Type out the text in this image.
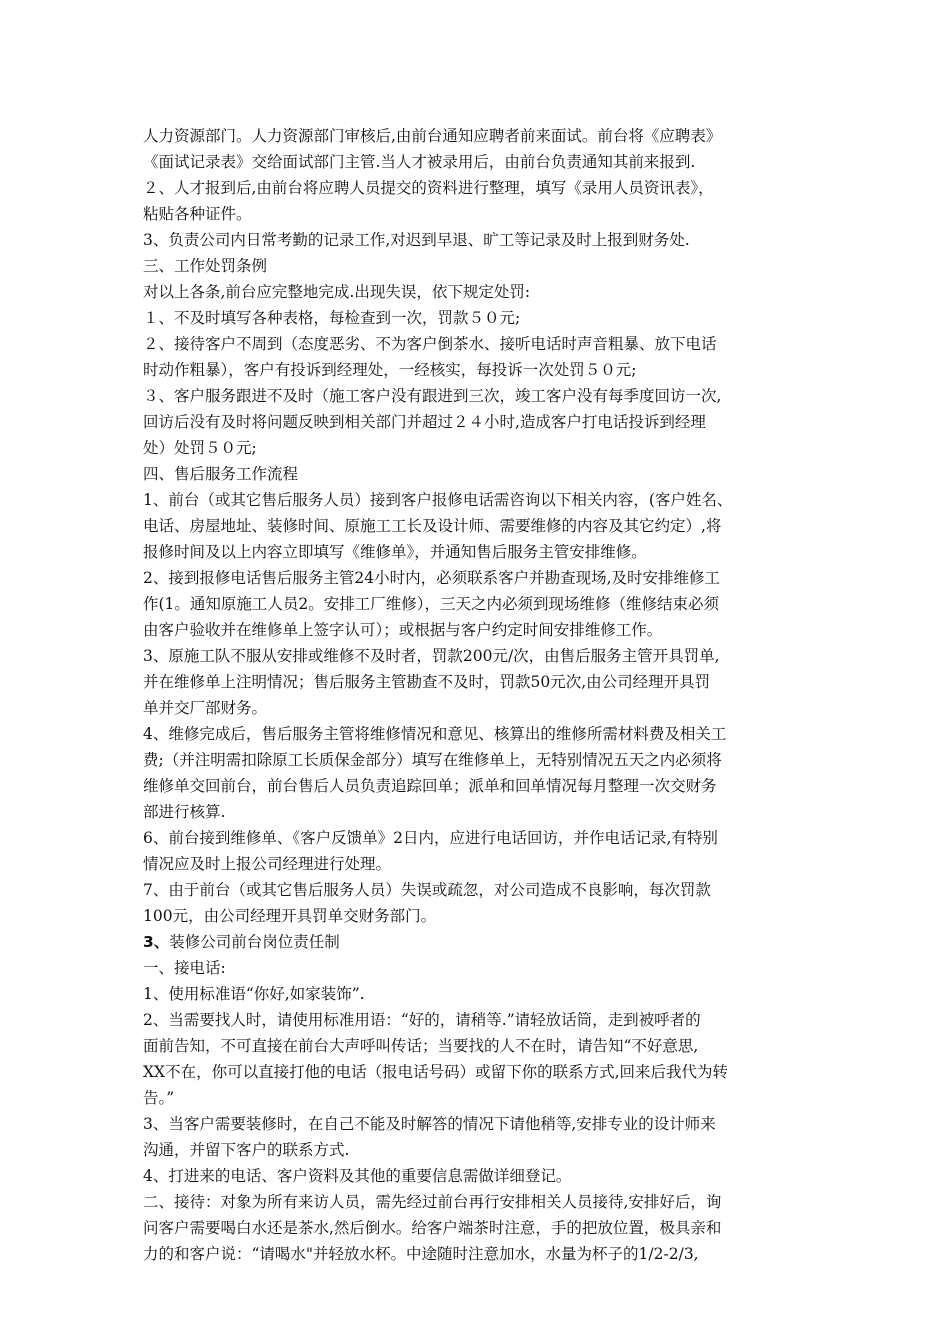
人力资源部门。人力资源部门审核后,由前台通知应聘者前来面试。前台将《应聘表》
《面试记录表》交给面试部门主管.当人才被录用后，由前台负责通知其前来报到.
２、人才报到后,由前台将应聘人员提交的资料进行整理，填写《录用人员资讯表》，
粘贴各种证件。
3、负责公司内日常考勤的记录工作,对迟到早退、旷工等记录及时上报到财务处.
三、工作处罚条例
对以上各条,前台应完整地完成.出现失误，依下规定处罚:
１、不及时填写各种表格，每检查到一次，罚款５０元;
２、接待客户不周到（态度恶劣、不为客户倒茶水、接听电话时声音粗暴、放下电话
时动作粗暴），客户有投诉到经理处，一经核实，每投诉一次处罚５０元;
３、客户服务跟进不及时（施工客户没有跟进到三次，竣工客户没有每季度回访一次,
回访后没有及时将问题反映到相关部门并超过２４小时,造成客户打电话投诉到经理
处）处罚５０元;
四、售后服务工作流程
1、前台（或其它售后服务人员）接到客户报修电话需咨询以下相关内容，(客户姓名、
电话、房屋地址、装修时间、原施工工长及设计师、需要维修的内容及其它约定）,将
报修时间及以上内容立即填写《维修单》，并通知售后服务主管安排维修。
2、接到报修电话售后服务主管24小时内，必须联系客户并勘查现场,及时安排维修工
作(1。通知原施工人员2。安排工厂维修），三天之内必须到现场维修（维修结束必须
由客户验收并在维修单上签字认可）；或根据与客户约定时间安排维修工作。
3、原施工队不服从安排或维修不及时者，罚款200元/次，由售后服务主管开具罚单,
并在维修单上注明情况；售后服务主管勘查不及时，罚款50元次,由公司经理开具罚
单并交厂部财务。
4、维修完成后，售后服务主管将维修情况和意见、核算出的维修所需材料费及相关工
费;（并注明需扣除原工长质保金部分）填写在维修单上，无特别情况五天之内必须将
维修单交回前台，前台售后人员负责追踪回单；派单和回单情况每月整理一次交财务
部进行核算.
6、前台接到维修单、《客户反馈单》2日内，应进行电话回访，并作电话记录,有特别
情况应及时上报公司经理进行处理。
7、由于前台（或其它售后服务人员）失误或疏忽，对公司造成不良影响，每次罚款
100元，由公司经理开具罚单交财务部门。
3、装修公司前台岗位责任制
一、接电话:
1、使用标准语“你好,如家装饰”.
2、当需要找人时，请使用标准用语：“好的，请稍等.”请轻放话筒，走到被呼者的
面前告知，不可直接在前台大声呼叫传话；当要找的人不在时，请告知“不好意思,
XX不在，你可以直接打他的电话（报电话号码）或留下你的联系方式,回来后我代为转
告。”
3、当客户需要装修时，在自己不能及时解答的情况下请他稍等,安排专业的设计师来
沟通，并留下客户的联系方式.
4、打进来的电话、客户资料及其他的重要信息需做详细登记。
二、接待：对象为所有来访人员，需先经过前台再行安排相关人员接待,安排好后，询
问客户需要喝白水还是茶水,然后倒水。给客户端茶时注意，手的把放位置，极具亲和
力的和客户说：“请喝水"并轻放水杯。中途随时注意加水，水量为杯子的1/2-2/3,
